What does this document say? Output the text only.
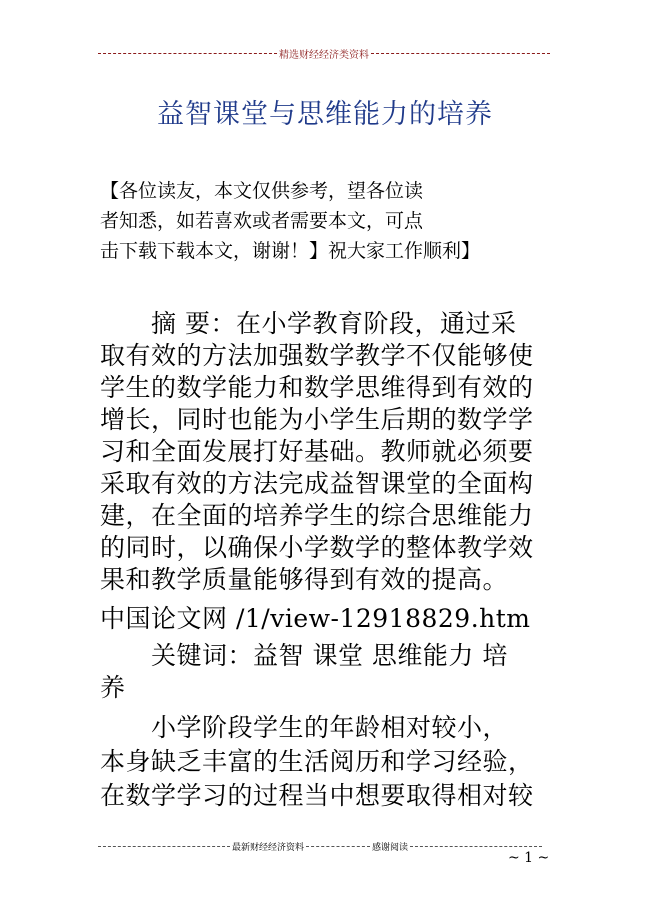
精选财经经济类资料
益智课堂与思维能力的培养
【各位读友，本文仅供参考，望各位读
者知悉，如若喜欢或者需要本文，可点
击下载下载本文，谢谢！】祝大家工作顺利】
　　摘 要：在小学教育阶段，通过采
取有效的方法加强数学教学不仅能够使
学生的数学能力和数学思维得到有效的
增长，同时也能为小学生后期的数学学
习和全面发展打好基础。教师就必须要
采取有效的方法完成益智课堂的全面构
建，在全面的培养学生的综合思维能力
的同时，以确保小学数学的整体教学效
果和教学质量能够得到有效的提高。
中国论文网 /1/view-12918829.htm
　　关键词：益智 课堂 思维能力 培
养
　　小学阶段学生的年龄相对较小，
本身缺乏丰富的生活阅历和学习经验，
在数学学习的过程当中想要取得相对较
最新财经经济资料	感谢阅读
~ 1 ~
